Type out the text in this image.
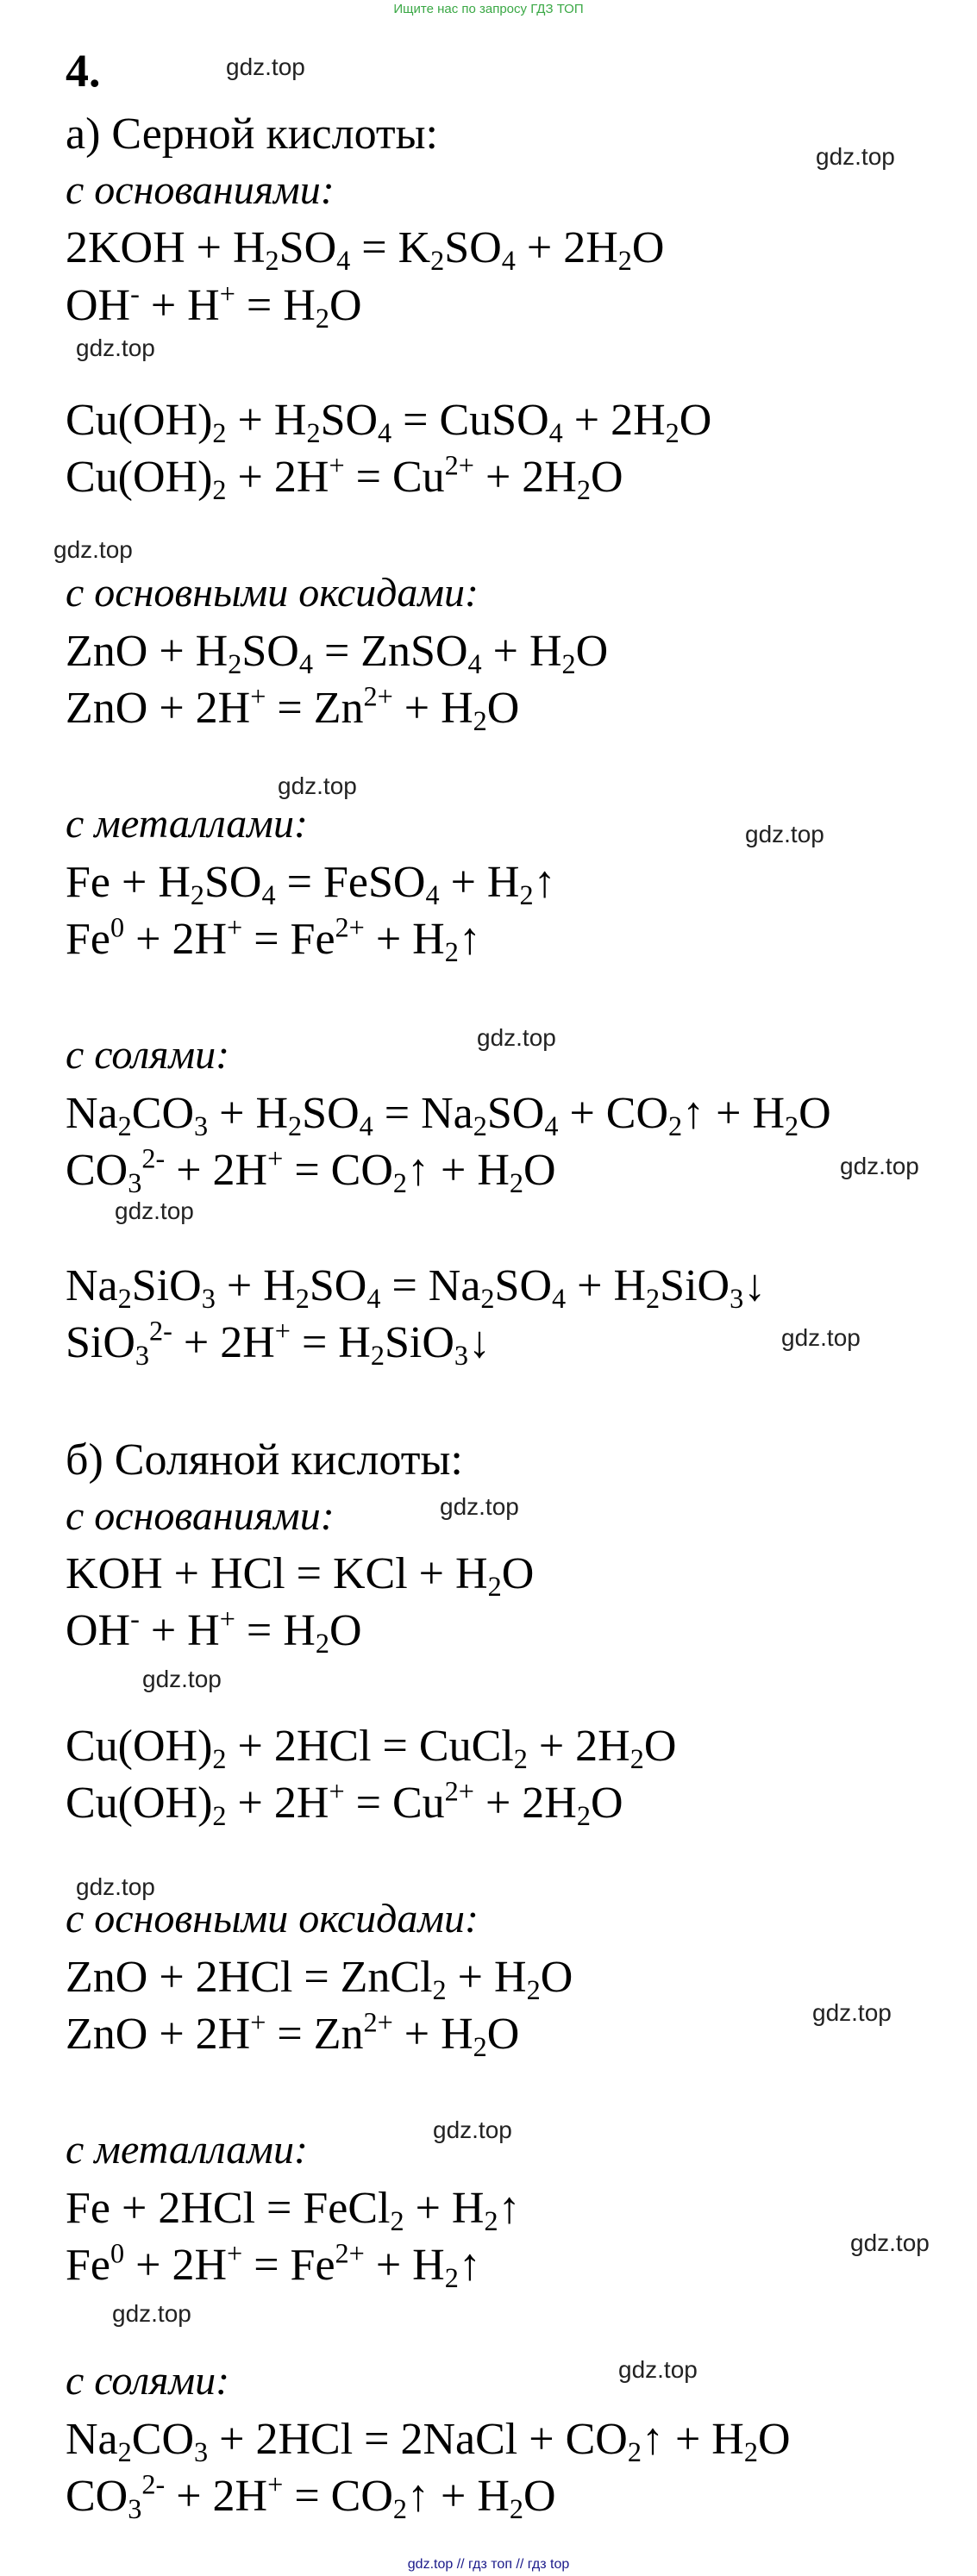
Ищите нас по запросу ГДЗ ТОП
4.	gdz.top
gdz.top
gdz.top
gdz.top
gdz.top
gdz.top
gdz.top
gdz.top
gdz.top
gdz.top
gdz.top
gdz.top
gdz.top
gdz.top
gdz.top
gdz.top
gdz.top
gdz.top
а) Серной кислоты:
с основаниями:
$2KOH + H_2SO_4 = K_2SO_4 + 2H_2O$
$OH^- + H^+ = H_2O$
$Cu(OH)_2 + H_2SO_4$ = CuSO$_4$ + $2H_2O$
$Cu(OH)_2 + 2H^+ = Cu^{2+} + 2H_2O$
с основными оксидами:
ZnO + $H_2SO_4$ = ZnSO$_4$ + $H_2O$
ZnO + $2H^+ = Zn^{2+} + H_2O$
с металлами:
$Fe + H_2SO_4$ = FeSO$_4$ + $H_2↑$
$Fe^0 + 2H^+ = Fe^{2+}$ + $H_2↑$
с солями:
$Na_2CO_3 + H_2SO_4 = Na_2SO_4$ + $CO_2↑ + H_2O$
$CO_3^{2-} + 2H^+$ = $CO_2↑ + H_2O$
$Na_2SiO_3 + H_2SO_4 = Na_2SO_4$ + $H_2SiO_3↓$
$SiO_3^{2-} + 2H^+ = H_2SiO_3↓$
б) Соляной кислоты:
с основаниями:
KOH + HCl = KCl + $H_2O$
$OH^- + H^+ = H_2O$
$Cu(OH)_2 + 2HCl$ = CuCl$_2$ + $2H_2O$
$Cu(OH)_2 + 2H^+ = Cu^{2+} + 2H_2O$
с основными оксидами:
ZnO + 2HCl = ZnCl$_2$ + $H_2O$
ZnO + $2H^+ = Zn^{2+} + H_2O$
с металлами:
Fe + 2HCl = FeCl$_2$ + $H_2↑$
$Fe^0 + 2H^+ = Fe^{2+}$ + $H_2↑$
с солями:
$Na_2CO_3 + 2HCl$ = 2NaCl + $CO_2↑ + H_2O$
$CO_3^{2-} + 2H^+$ = $CO_2↑ + H_2O$
gdz.top // гдз топ // гдз top
